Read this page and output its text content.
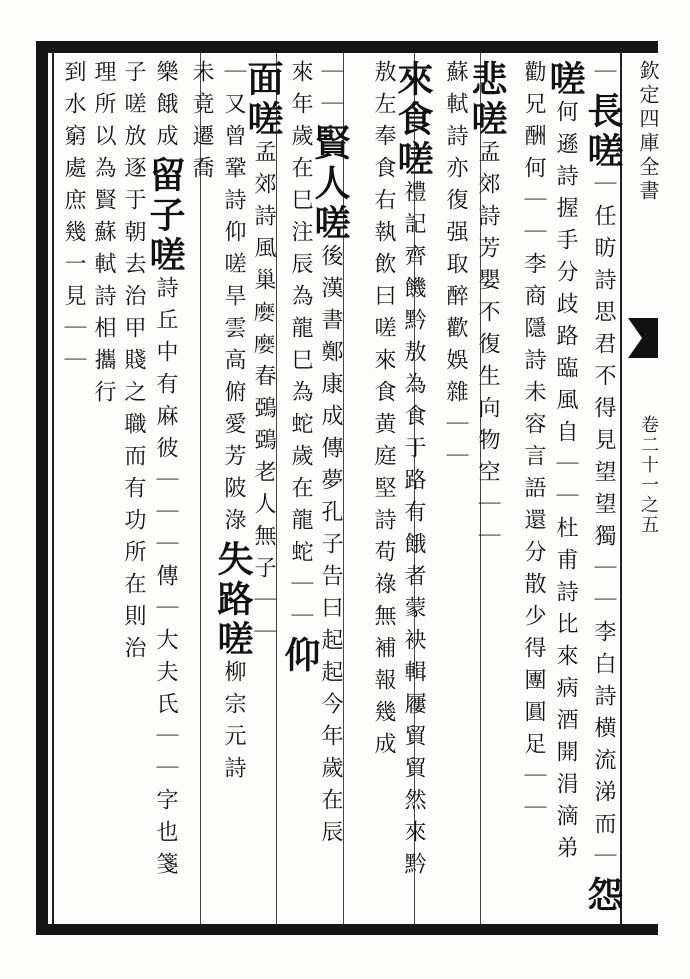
欽定四庫全書
卷二十一之五
｜長嗟｜任昉詩思君不得見望望獨｜｜李白詩横流涕而｜怨
嗟何遜詩握手分歧路臨風自｜｜杜甫詩比來病酒開涓滴弟
勸兄酬何｜｜李商隱詩未容言語還分散少得團圓足｜｜
悲嗟孟郊詩芳嬰不復生向物空｜｜
蘇軾詩亦復强取醉歡娛雜｜｜
來食嗟禮記齊饑黔敖為食于路有餓者蒙袂輯屨貿貿然來黔
敖左奉食右執飲曰嗟來食黄庭堅詩苟祿無補報幾成
｜｜賢人嗟後漢書鄭康成傳夢孔子告曰起起今年歲在辰
來年歲在巳注辰為龍巳為蛇歲在龍蛇｜｜仰
面嗟孟郊詩風巢𡡉𡡉春鵶鵶老人無子｜｜
｜又曾鞏詩仰嗟旱雲高俯愛芳陂淥失路嗟柳宗元詩
未竟遷喬
樂餓成留子嗟詩丘中有麻彼｜｜｜傳｜大夫氏｜｜字也箋
子嗟放逐于朝去治甲賤之職而有功所在則治
理所以為賢蘇軾詩相攜行
到水窮處庶幾一見｜｜
